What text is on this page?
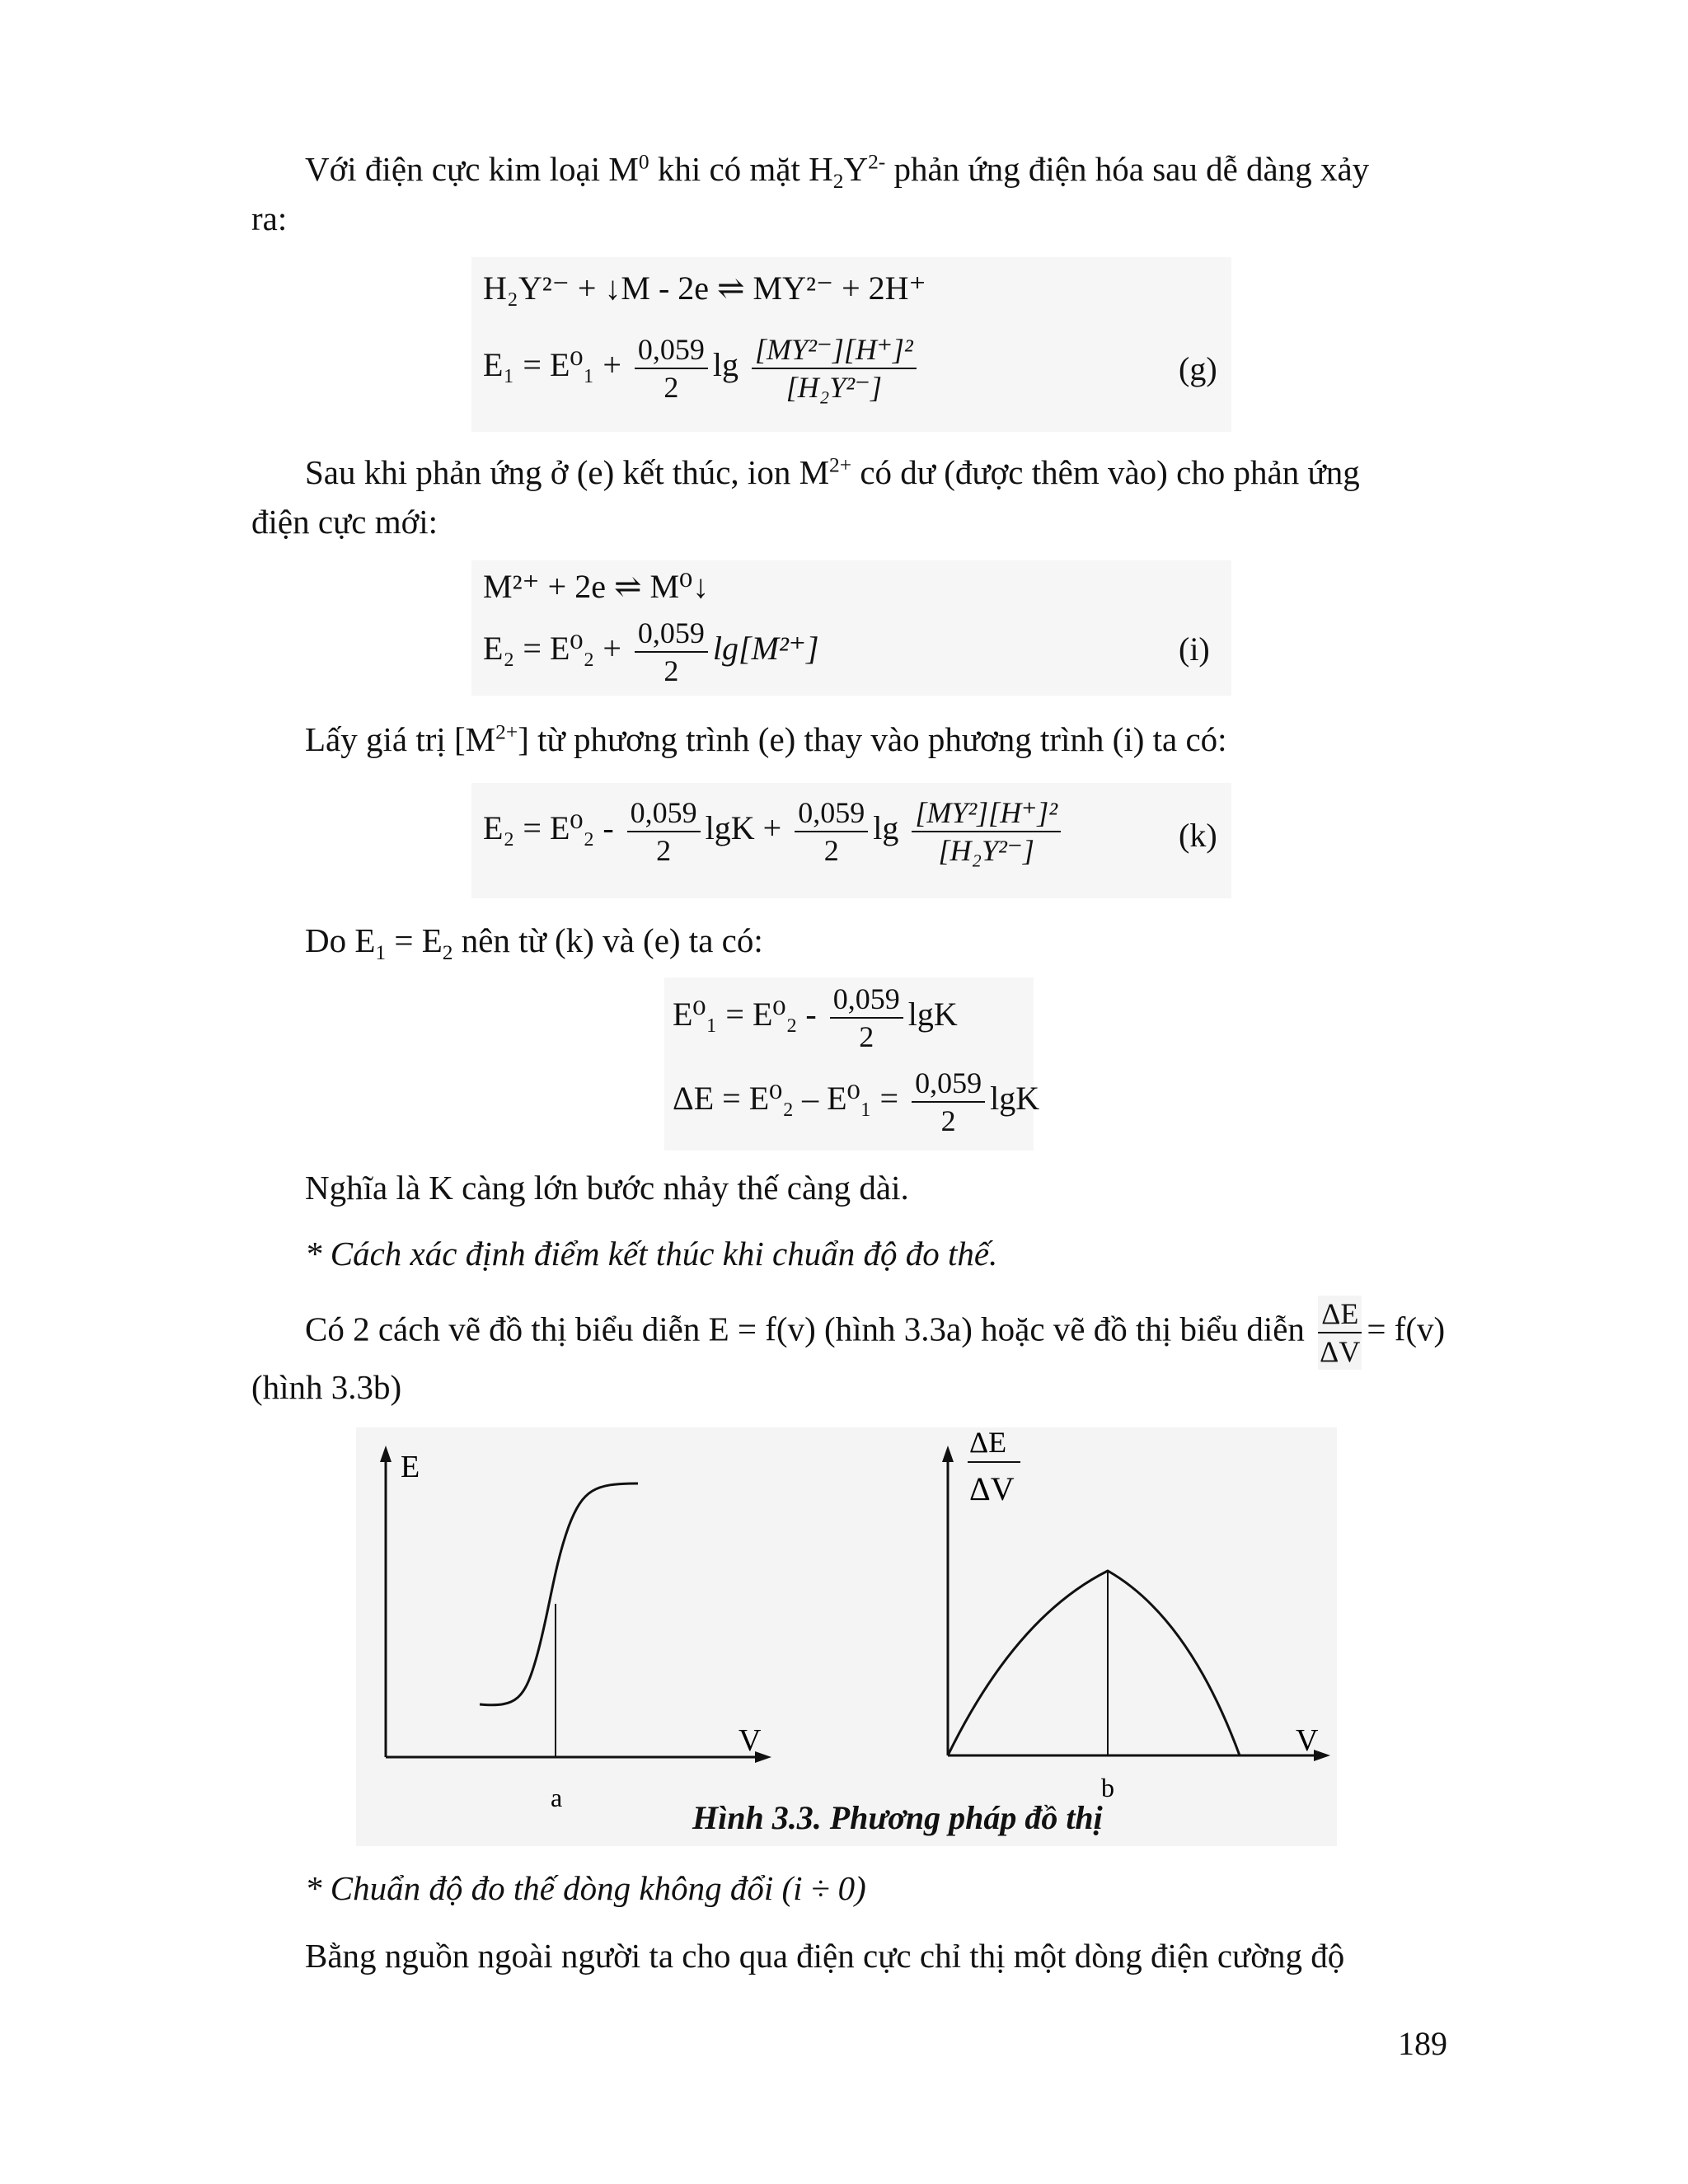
Với điện cực kim loại $M^0$ khi có mặt $H_2Y^{2-}$ phản ứng điện hóa sau dễ dàng xảy
ra:
H₂Y²⁻ + ↓M - 2e ⇌ MY²⁻ + 2H⁺
$E_1 = E^0_1 + \frac{0,059}{2}$ $\lg \frac{\text{[MY²⁻][H⁺]²}}{\text{[H₂Y²⁻]}}$	(g)
Sau khi phản ứng ở (e) kết thúc, ion $M^{2+}$ có dư (được thêm vào) cho phản ứng
điện cực mới:
M²⁺ + 2e ⇌ M⁰↓
$E_2 = E^0_2 + \frac{0,059}{2} \lg[M^{2+}]$	(i)
Lấy giá trị $[M^{2+}]$ từ phương trình (e) thay vào phương trình (i) ta có:
$E_2 = E^0_2 - \frac{0,059}{2}$ $\lg K + \frac{0,059}{2}$ $\lg \frac{\text{[MY²][H⁺]²}}{\text{[H₂Y²⁻]}}$	(k)
Do $E_1 = E_2$ nên từ (k) và (e) ta có:
$E^0_1 = E^0_2 - \frac{0,059}{2}$ lgK
$\Delta E = E^0_2 - E^0_1 = \frac{0,059}{2}$ lgK
Nghĩa là K càng lớn bước nhảy thế càng dài.
* Cách xác định điểm kết thúc khi chuẩn độ đo thế.
Có 2 cách vẽ đồ thị biểu diễn E = f(v) (hình 3.3a) hoặc vẽ đồ thị biểu diễn $\frac{\Delta E}{\Delta V} = f(v)$
(hình 3.3b)
E
V
a
ΔE
ΔV
V
b
Hình 3.3. Phương pháp đồ thị
* Chuẩn độ đo thế dòng không đổi (i ÷ 0)
Bằng nguồn ngoài người ta cho qua điện cực chỉ thị một dòng điện cường độ
189
